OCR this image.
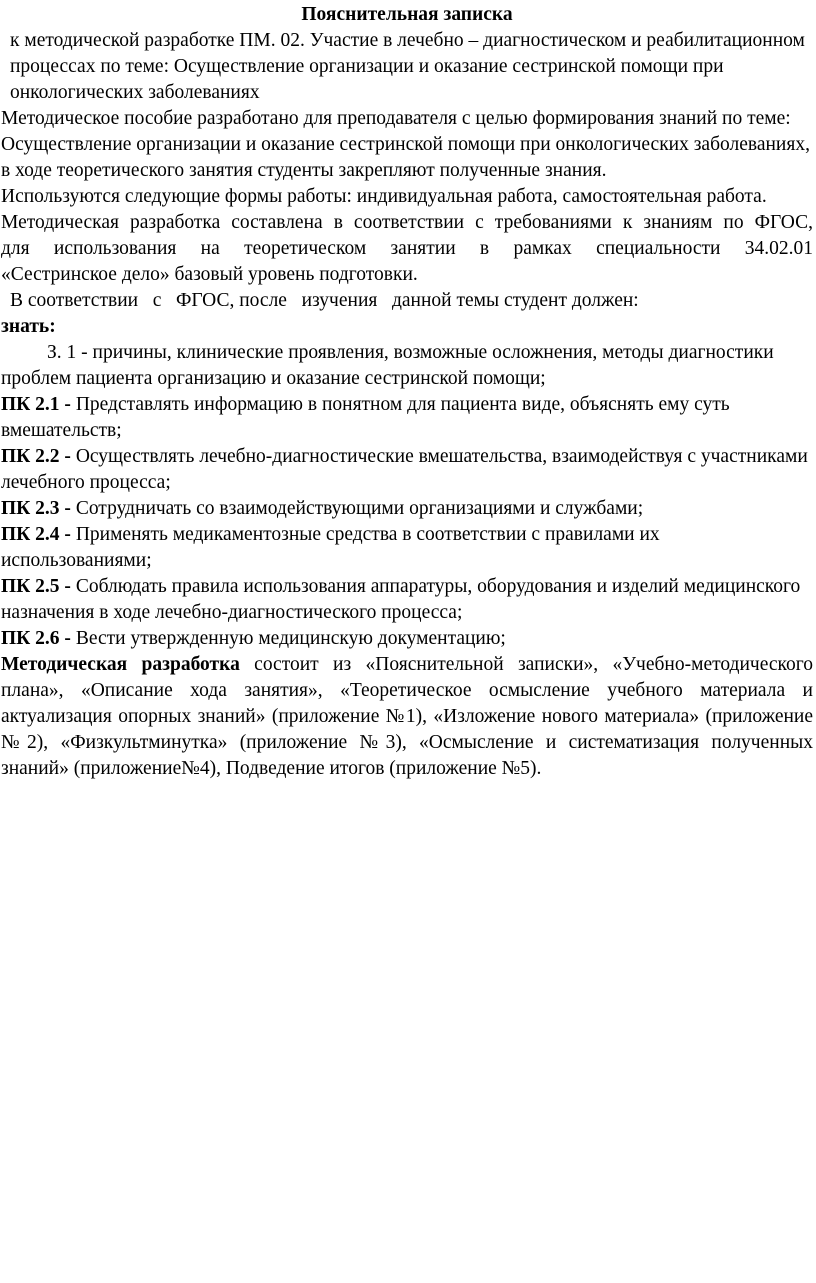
Пояснительная записка

к методической разработке ПМ. 02. Участие в лечебно – диагностическом и реабилитационном процессах по теме: Осуществление организации и оказание сестринской помощи при онкологических заболеваниях

Методическое пособие разработано для преподавателя с целью формирования знаний по теме: Осуществление организации и оказание сестринской помощи при онкологических заболеваниях, в ходе теоретического занятия студенты закрепляют полученные знания.

Используются следующие формы работы: индивидуальная работа, самостоятельная работа.

Методическая разработка составлена в соответствии с требованиями к знаниям по ФГОС,

для использования на теоретическом занятии в рамках специальности 34.02.01

«Сестринское дело» базовый уровень подготовки.

В соответствии   с   ФГОС, после   изучения   данной темы студент должен:

знать:

З. 1 - причины, клинические проявления, возможные осложнения, методы диагностики

проблем пациента организацию и оказание сестринской помощи;

ПК 2.1 - Представлять информацию в понятном для пациента виде, объяснять ему суть вмешательств;

ПК 2.2 - Осуществлять лечебно-диагностические вмешательства, взаимодействуя с участниками лечебного процесса;

ПК 2.3 - Сотрудничать со взаимодействующими организациями и службами;

ПК 2.4 - Применять медикаментозные средства в соответствии с правилами их использованиями;

ПК 2.5 - Соблюдать правила использования аппаратуры, оборудования и изделий медицинского назначения в ходе лечебно-диагностического процесса;

ПК 2.6 - Вести утвержденную медицинскую документацию;

Методическая разработка состоит из «Пояснительной записки», «Учебно-методического плана», «Описание хода занятия», «Теоретическое осмысление учебного материала и актуализация опорных знаний» (приложение №1), «Изложение нового материала» (приложение №2), «Физкультминутка» (приложение №3), «Осмысление и систематизация полученных знаний» (приложение№4), Подведение итогов (приложение №5).
